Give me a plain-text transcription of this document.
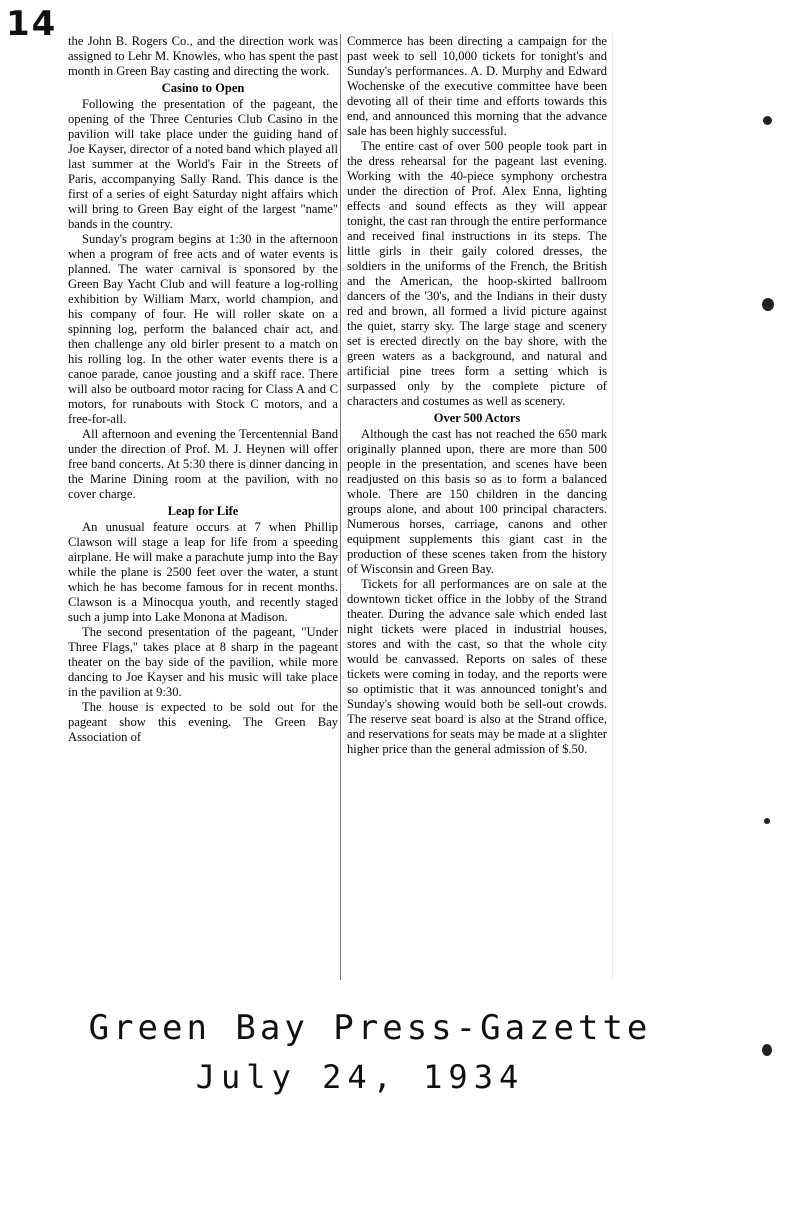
14 the John B. Rogers Co., and the direction work was assigned to Lehr M. Knowles, who has spent the past month in Green Bay casting and directing the work.

Casino to Open

Following the presentation of the pageant, the opening of the Three Centuries Club Casino in the pavilion will take place under the guiding hand of Joe Kayser, director of a noted band which played all last summer at the World's Fair in the Streets of Paris, accompanying Sally Rand. This dance is the first of a series of eight Saturday night affairs which will bring to Green Bay eight of the largest "name" bands in the country.

Sunday's program begins at 1:30 in the afternoon when a program of free acts and of water events is planned. The water carnival is sponsored by the Green Bay Yacht Club and will feature a log-rolling exhibition by William Marx, world champion, and his company of four. He will roller skate on a spinning log, perform the balanced chair act, and then challenge any old birler present to a match on his rolling log. In the other water events there is a canoe parade, canoe jousting and a skiff race. There will also be outboard motor racing for Class A and C motors, for runabouts with Stock C motors, and a free-for-all.

All afternoon and evening the Tercentennial Band under the direction of Prof. M. J. Heynen will offer free band concerts. At 5:30 there is dinner dancing in the Marine Dining room at the pavilion, with no cover charge.

Leap for Life

An unusual feature occurs at 7 when Phillip Clawson will stage a leap for life from a speeding airplane. He will make a parachute jump into the Bay while the plane is 2500 feet over the water, a stunt which he has become famous for in recent months. Clawson is a Minocqua youth, and recently staged such a jump into Lake Monona at Madison.

The second presentation of the pageant, "Under Three Flags," takes place at 8 sharp in the pageant theater on the bay side of the pavilion, while more dancing to Joe Kayser and his music will take place in the pavilion at 9:30.

The house is expected to be sold out for the pageant show this evening. The Green Bay Association of

Commerce has been directing a campaign for the past week to sell 10,000 tickets for tonight's and Sunday's performances. A. D. Murphy and Edward Wochenske of the executive committee have been devoting all of their time and efforts towards this end, and announced this morning that the advance sale has been highly successful.

The entire cast of over 500 people took part in the dress rehearsal for the pageant last evening. Working with the 40-piece symphony orchestra under the direction of Prof. Alex Enna, lighting effects and sound effects as they will appear tonight, the cast ran through the entire performance and received final instructions in its steps. The little girls in their gaily colored dresses, the soldiers in the uniforms of the French, the British and the American, the hoop-skirted ballroom dancers of the '30's, and the Indians in their dusty red and brown, all formed a livid picture against the quiet, starry sky. The large stage and scenery set is erected directly on the bay shore, with the green waters as a background, and natural and artificial pine trees form a setting which is surpassed only by the complete picture of characters and costumes as well as scenery.

Over 500 Actors

Although the cast has not reached the 650 mark originally planned upon, there are more than 500 people in the presentation, and scenes have been readjusted on this basis so as to form a balanced whole. There are 150 children in the dancing groups alone, and about 100 principal characters. Numerous horses, carriage, canons and other equipment supplements this giant cast in the production of these scenes taken from the history of Wisconsin and Green Bay.

Tickets for all performances are on sale at the downtown ticket office in the lobby of the Strand theater. During the advance sale which ended last night tickets were placed in industrial houses, stores and with the cast, so that the whole city would be canvassed. Reports on sales of these tickets were coming in today, and the reports were so optimistic that it was announced tonight's and Sunday's showing would both be sell-out crowds. The reserve seat board is also at the Strand office, and reservations for seats may be made at a slighter higher price than the general admission of $.50.

Green Bay Press-Gazette
July 24, 1934
